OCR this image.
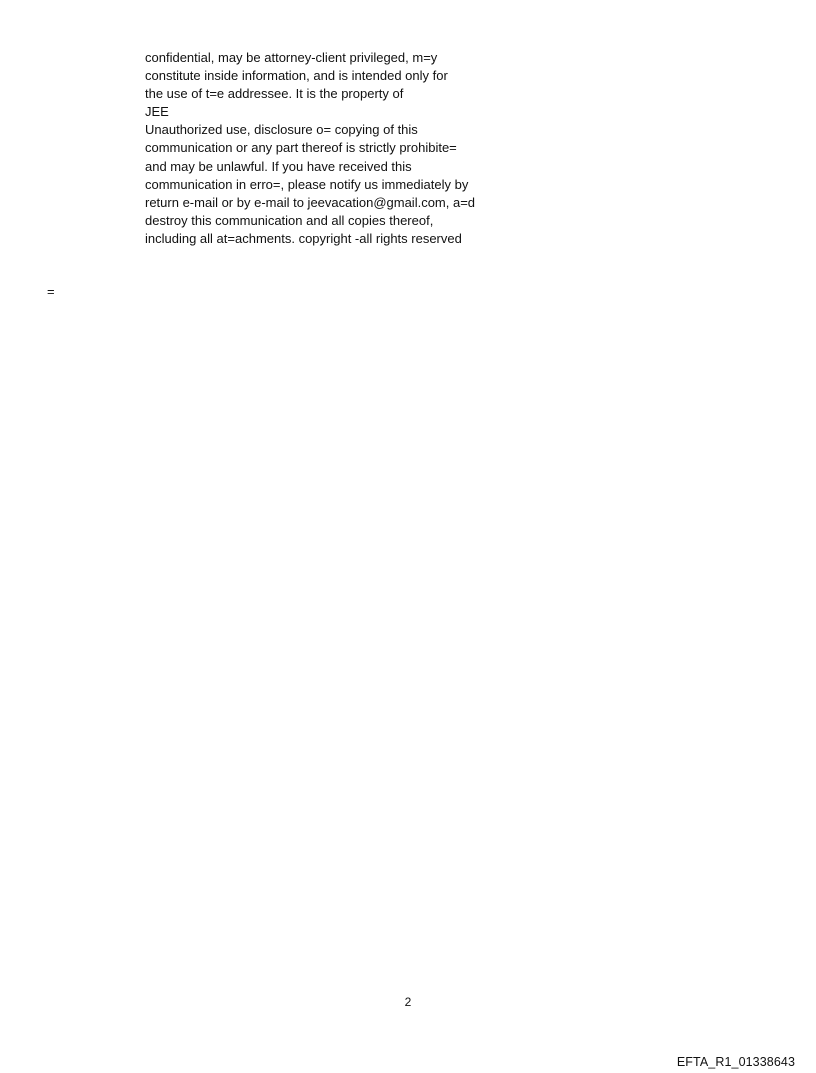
confidential, may be attorney-client privileged, m=y
constitute inside information, and is intended only for
the use of t=e addressee. It is the property of
JEE
Unauthorized use, disclosure o= copying of this
communication or any part thereof is strictly prohibite=
and may be unlawful. If you have received this
communication in erro=, please notify us immediately by
return e-mail or by e-mail to jeevacation@gmail.com, a=d
destroy this communication and all copies thereof,
including all at=achments. copyright -all rights reserved
=
2
EFTA_R1_01338643
